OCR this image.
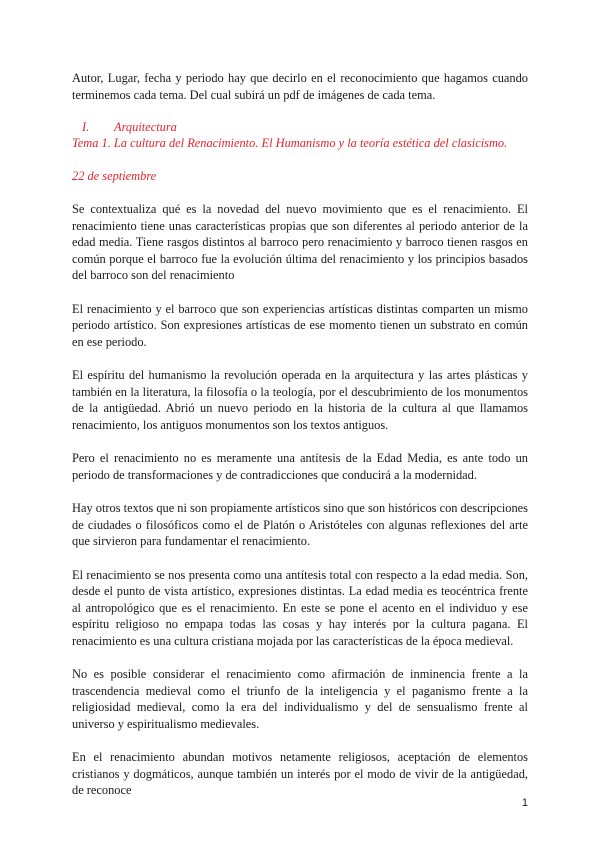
Autor, Lugar, fecha y periodo hay que decirlo en el reconocimiento que hagamos cuando terminemos cada tema. Del cual subirá un pdf de imágenes de cada tema.

I. Arquitectura
Tema 1. La cultura del Renacimiento. El Humanismo y la teoría estética del clasicismo.

22 de septiembre

Se contextualiza qué es la novedad del nuevo movimiento que es el renacimiento. El renacimiento tiene unas características propias que son diferentes al periodo anterior de la edad media. Tiene rasgos distintos al barroco pero renacimiento y barroco tienen rasgos en común porque el barroco fue la evolución última del renacimiento y los principios basados del barroco son del renacimiento

El renacimiento y el barroco que son experiencias artísticas distintas comparten un mismo periodo artístico. Son expresiones artísticas de ese momento tienen un substrato en común en ese periodo.

El espíritu del humanismo la revolución operada en la arquitectura y las artes plásticas y también en la literatura, la filosofía o la teología, por el descubrimiento de los monumentos de la antigüedad. Abrió un nuevo periodo en la historia de la cultura al que llamamos renacimiento, los antiguos monumentos son los textos antiguos.

Pero el renacimiento no es meramente una antítesis de la Edad Media, es ante todo un periodo de transformaciones y de contradicciones que conducirá a la modernidad.

Hay otros textos que ni son propiamente artísticos sino que son históricos con descripciones de ciudades o filosóficos como el de Platón o Aristóteles con algunas reflexiones del arte que sirvieron para fundamentar el renacimiento.

El renacimiento se nos presenta como una antítesis total con respecto a la edad media. Son, desde el punto de vista artístico, expresiones distintas. La edad media es teocéntrica frente al antropológico que es el renacimiento. En este se pone el acento en el individuo y ese espíritu religioso no empapa todas las cosas y hay interés por la cultura pagana. El renacimiento es una cultura cristiana mojada por las características de la época medieval.

No es posible considerar el renacimiento como afirmación de inminencia frente a la trascendencia medieval como el triunfo de la inteligencia y el paganismo frente a la religiosidad medieval, como la era del individualismo y del de sensualismo frente al universo y espiritualismo medievales.

En el renacimiento abundan motivos netamente religiosos, aceptación de elementos cristianos y dogmáticos, aunque también un interés por el modo de vivir de la antigüedad, de reconoce

1
